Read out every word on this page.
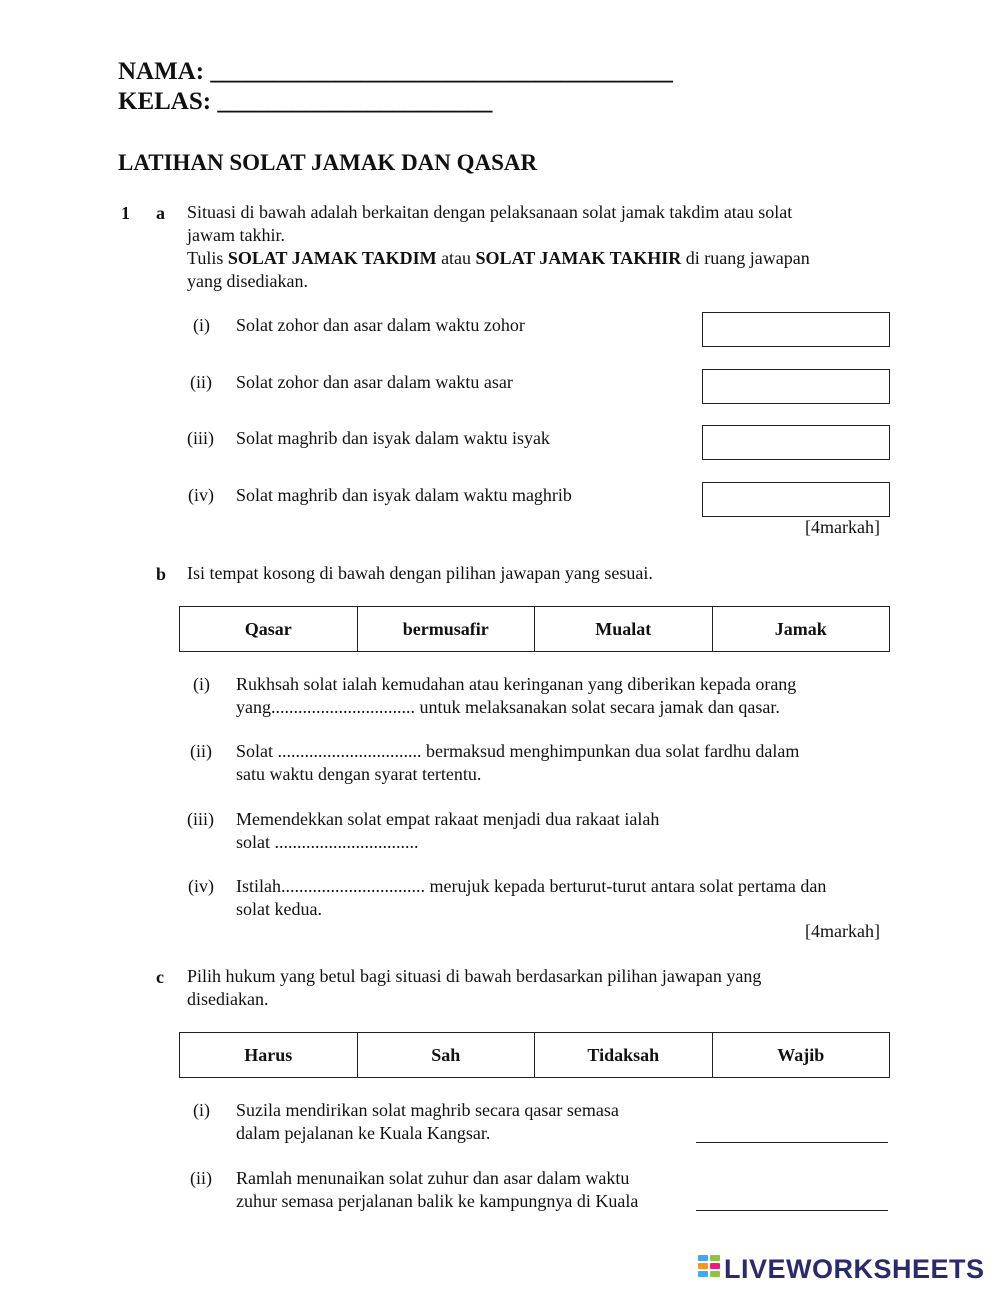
NAMA: _____________________________________
KELAS: ______________________
LATIHAN SOLAT JAMAK DAN QASAR
1 a Situasi di bawah adalah berkaitan dengan pelaksanaan solat jamak takdim atau solat
jawam takhir.
Tulis SOLAT JAMAK TAKDIM atau SOLAT JAMAK TAKHIR di ruang jawapan
yang disediakan.
(i)	Solat zohor dan asar dalam waktu zohor
(ii)	Solat zohor dan asar dalam waktu asar
(iii)	Solat maghrib dan isyak dalam waktu isyak
(iv)	Solat maghrib dan isyak dalam waktu maghrib
[4markah]
b Isi tempat kosong di bawah dengan pilihan jawapan yang sesuai.
Qasar	bermusafir	Mualat	Jamak
(i)	Rukhsah solat ialah kemudahan atau keringanan yang diberikan kepada orang
yang................................ untuk melaksanakan solat secara jamak dan qasar.
(ii)	Solat ................................ bermaksud menghimpunkan dua solat fardhu dalam
satu waktu dengan syarat tertentu.
(iii)	Memendekkan solat empat rakaat menjadi dua rakaat ialah
solat ................................
(iv)	Istilah................................ merujuk kepada berturut-turut antara solat pertama dan
solat kedua.
[4markah]
c Pilih hukum yang betul bagi situasi di bawah berdasarkan pilihan jawapan yang
disediakan.
Harus	Sah	Tidaksah	Wajib
(i)	Suzila mendirikan solat maghrib secara qasar semasa
dalam pejalanan ke Kuala Kangsar.
(ii)	Ramlah menunaikan solat zuhur dan asar dalam waktu
zuhur semasa perjalanan balik ke kampungnya di Kuala
LIVEWORKSHEETS
